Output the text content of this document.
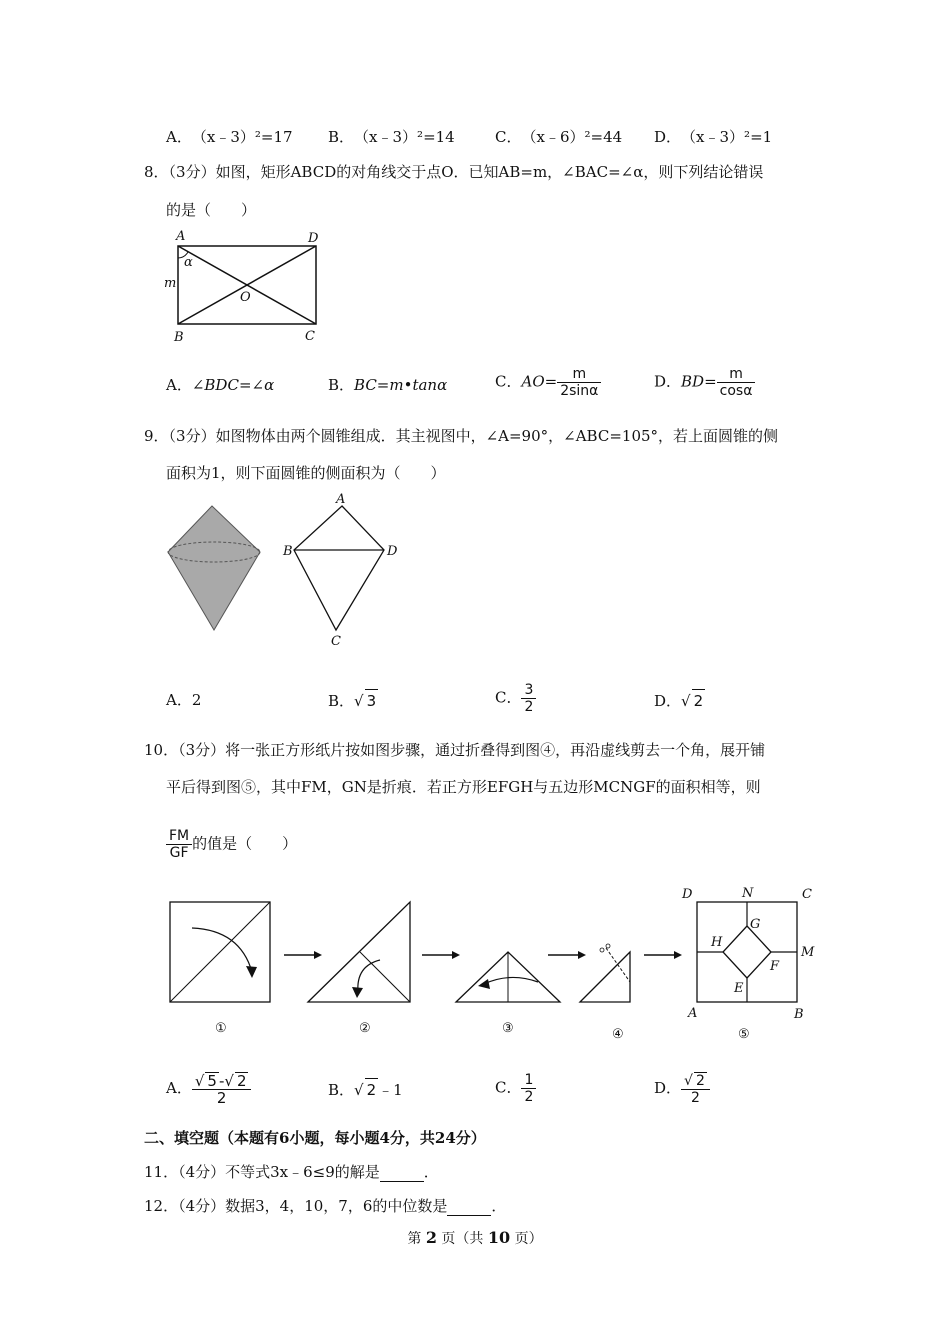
A．　 （x﹣3）²=17 B．　 （x﹣3）²=14	C．　 （x﹣6）²=44 D．　 （x﹣3）²=1
8．（3分）如图，矩形ABCD的对角线交于点O．已知AB=m，∠BAC=∠α，则下列结论错误
的是（　　）
A	D
B	C
O
m
α
A．∠BDC=∠α	B．BC=m•tanα	C．$AO= \frac{m}{2\sin\alpha}$	D．$BD= \frac{m}{\cos\alpha}$
9．（3分）如图物体由两个圆锥组成．其主视图中，∠A=90°，∠ABC=105°，若上面圆锥的侧
面积为1，则下面圆锥的侧面积为（　　）
A
B	D
C
A．2	B．√ 3	C． $\frac{3}{2}$	D．√ 2
10．（3分）将一张正方形纸片按如图步骤，通过折叠得到图④，再沿虚线剪去一个角，展开铺
平后得到图⑤，其中FM，GN是折痕．若正方形EFGH与五边形MCNGF的面积相等，则
$\frac{FM}{GF}$ 的值是（　　）
①	②	③	④
D	N	C
G
H
M
F
E
A	B
⑤
A． $\frac{√ 5 -√ 2}{2}$	B．√ 2 ﹣1	C． $\frac{1}{2}$	D． $\frac{√ 2}{2}$
二、填空题（本题有6小题，每小题4分，共24分）
11．（4分）不等式3x﹣6≤9的解是	．
12．（4分）数据3，4，10，7，6的中位数是	．
第 2 页（共 10 页）
